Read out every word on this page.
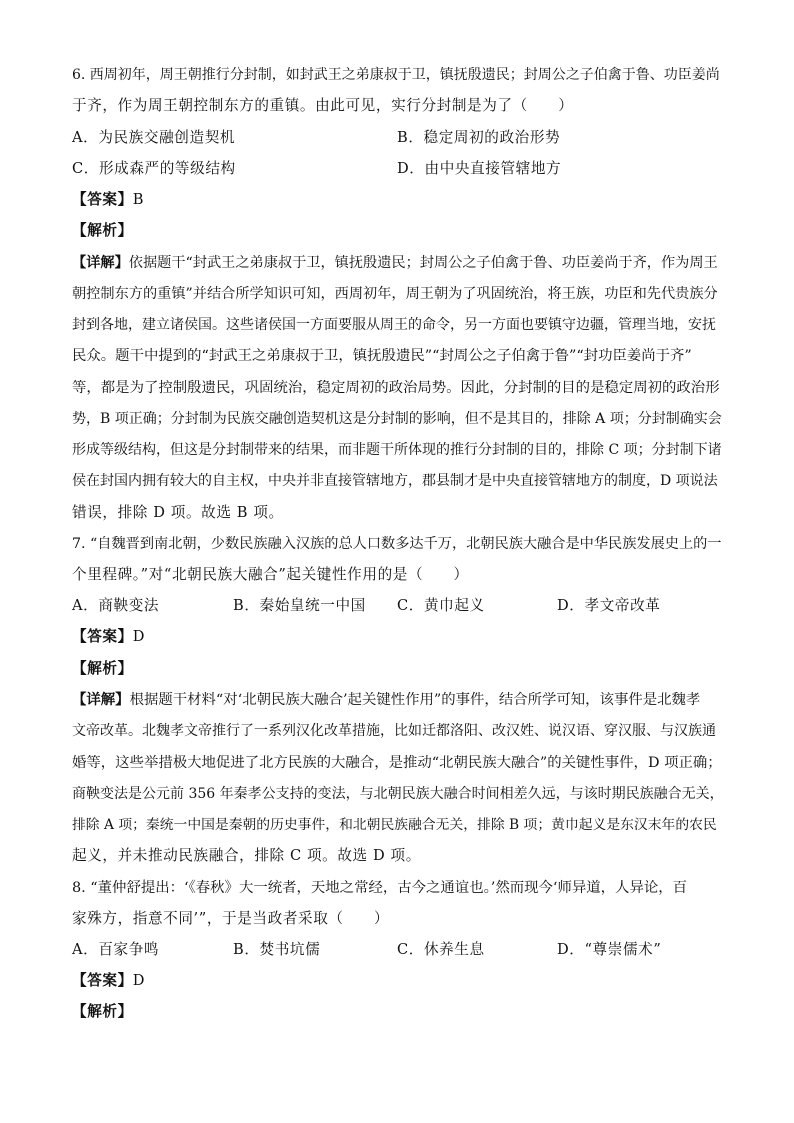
6. 西周初年，周王朝推行分封制，如封武王之弟康叔于卫，镇抚殷遗民；封周公之子伯禽于鲁、功臣姜尚
于齐，作为周王朝控制东方的重镇。由此可见，实行分封制是为了（　　）
A．为民族交融创造契机	B．稳定周初的政治形势
C．形成森严的等级结构	D．由中央直接管辖地方
【答案】B
【解析】
【详解】依据题干“封武王之弟康叔于卫，镇抚殷遗民；封周公之子伯禽于鲁、功臣姜尚于齐，作为周王
朝控制东方的重镇”并结合所学知识可知，西周初年，周王朝为了巩固统治，将王族，功臣和先代贵族分
封到各地，建立诸侯国。这些诸侯国一方面要服从周王的命令，另一方面也要镇守边疆，管理当地，安抚
民众。题干中提到的“封武王之弟康叔于卫，镇抚殷遗民”“封周公之子伯禽于鲁”“封功臣姜尚于齐”
等，都是为了控制殷遗民，巩固统治，稳定周初的政治局势。因此，分封制的目的是稳定周初的政治形
势，B 项正确；分封制为民族交融创造契机这是分封制的影响，但不是其目的，排除 A 项；分封制确实会
形成等级结构，但这是分封制带来的结果，而非题干所体现的推行分封制的目的，排除 C 项；分封制下诸
侯在封国内拥有较大的自主权，中央并非直接管辖地方，郡县制才是中央直接管辖地方的制度，D 项说法
错误，排除 D 项。故选 B 项。
7. “自魏晋到南北朝，少数民族融入汉族的总人口数多达千万，北朝民族大融合是中华民族发展史上的一
个里程碑。”对“北朝民族大融合”起关键性作用的是（　　）
A．商鞅变法	B．秦始皇统一中国 C．黄巾起义	D．孝文帝改革
【答案】D
【解析】
【详解】根据题干材料“对‘北朝民族大融合’起关键性作用”的事件，结合所学可知，该事件是北魏孝
文帝改革。北魏孝文帝推行了一系列汉化改革措施，比如迁都洛阳、改汉姓、说汉语、穿汉服、与汉族通
婚等，这些举措极大地促进了北方民族的大融合，是推动“北朝民族大融合”的关键性事件，D 项正确；
商鞅变法是公元前 356 年秦孝公支持的变法，与北朝民族大融合时间相差久远，与该时期民族融合无关，
排除 A 项；秦统一中国是秦朝的历史事件，和北朝民族融合无关，排除 B 项；黄巾起义是东汉末年的农民
起义，并未推动民族融合，排除 C 项。故选 D 项。
8. “董仲舒提出：‘《春秋》大一统者，天地之常经，古今之通谊也。’然而现今‘师异道，人异论，百
家殊方，指意不同’”，于是当政者采取（　　）
A．百家争鸣	B．焚书坑儒	C．休养生息	D．“尊崇儒术”
【答案】D
【解析】
